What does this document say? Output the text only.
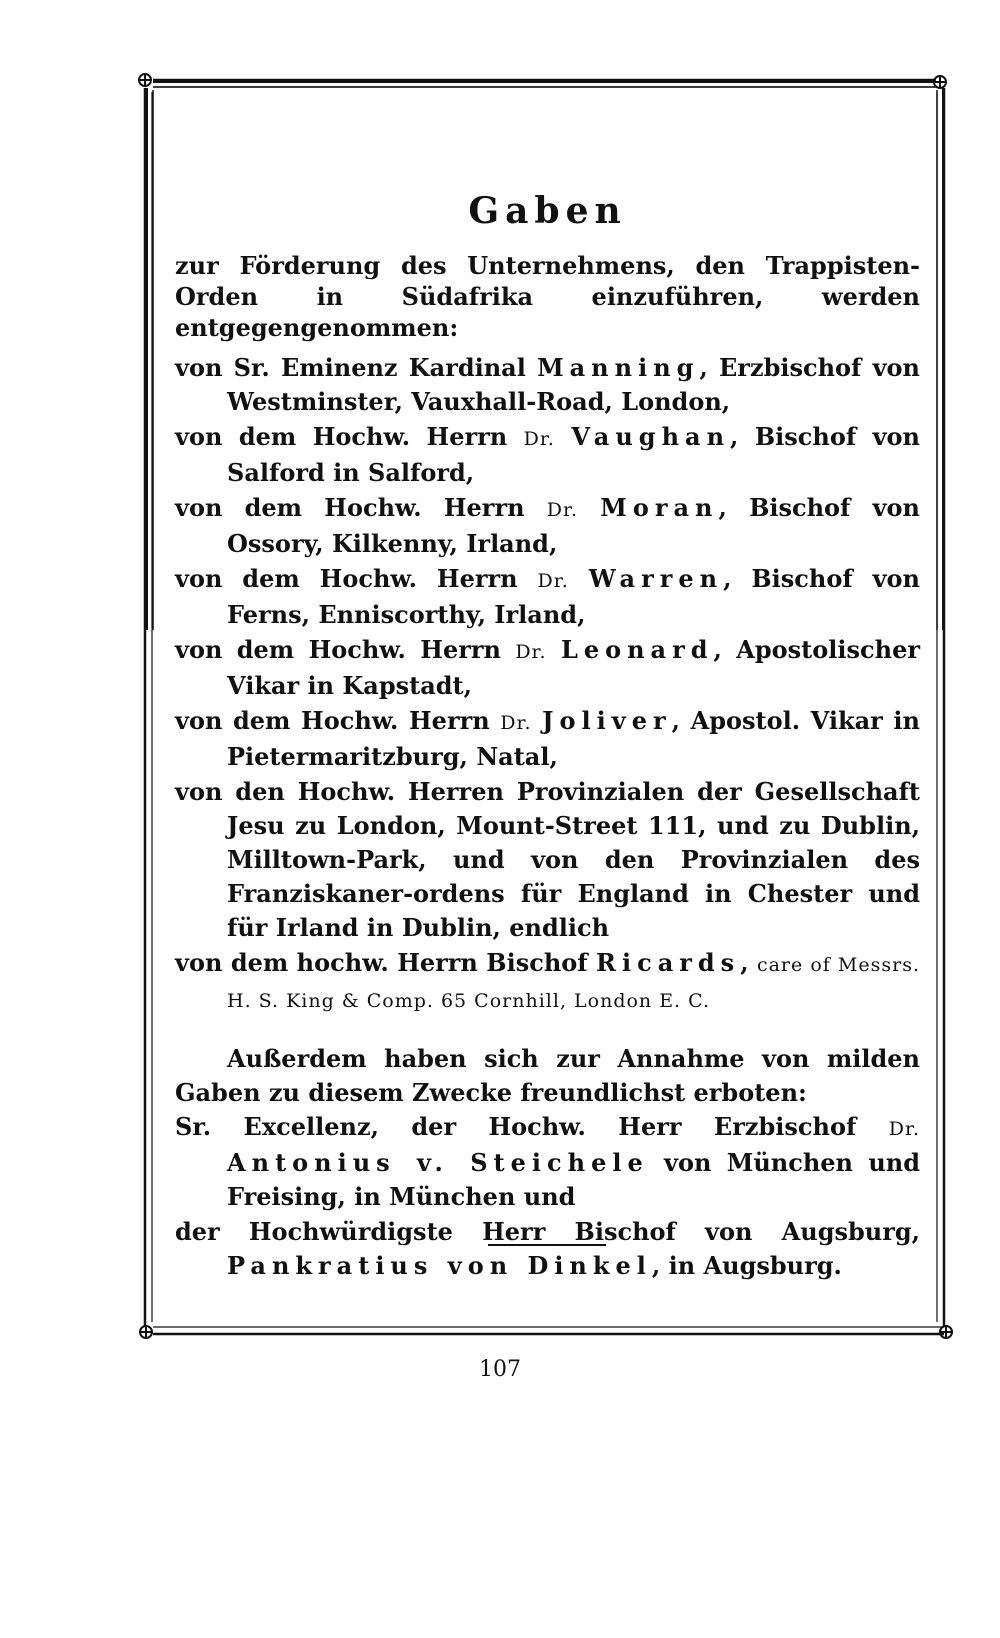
Gaben

zur Förderung des Unternehmens, den Trappisten-Orden in Südafrika einzuführen, werden entgegengenommen:

von Sr. Eminenz Kardinal Manning, Erzbischof von Westminster, Vauxhall-Road, London,

von dem Hochw. Herrn Dr. Vaughan, Bischof von Salford in Salford,

von dem Hochw. Herrn Dr. Moran, Bischof von Ossory, Kilkenny, Irland,

von dem Hochw. Herrn Dr. Warren, Bischof von Ferns, Enniscorthy, Irland,

von dem Hochw. Herrn Dr. Leonard, Apostolischer Vikar in Kapstadt,

von dem Hochw. Herrn Dr. Joliver, Apostol. Vikar in Pietermaritzburg, Natal,

von den Hochw. Herren Provinzialen der Gesellschaft Jesu zu London, Mount-Street 111, und zu Dublin, Milltown-Park, und von den Provinzialen des Franziskaner-ordens für England in Chester und für Irland in Dublin, endlich

von dem hochw. Herrn Bischof Ricards, care of Messrs. H. S. King & Comp. 65 Cornhill, London E. C.

Außerdem haben sich zur Annahme von milden Gaben zu diesem Zwecke freundlichst erboten:

Sr. Excellenz, der Hochw. Herr Erzbischof Dr. Antonius v. Steichele von München und Freising, in München und

der Hochwürdigste Herr Bischof von Augsburg, Pankratius von Dinkel, in Augsburg.

107
